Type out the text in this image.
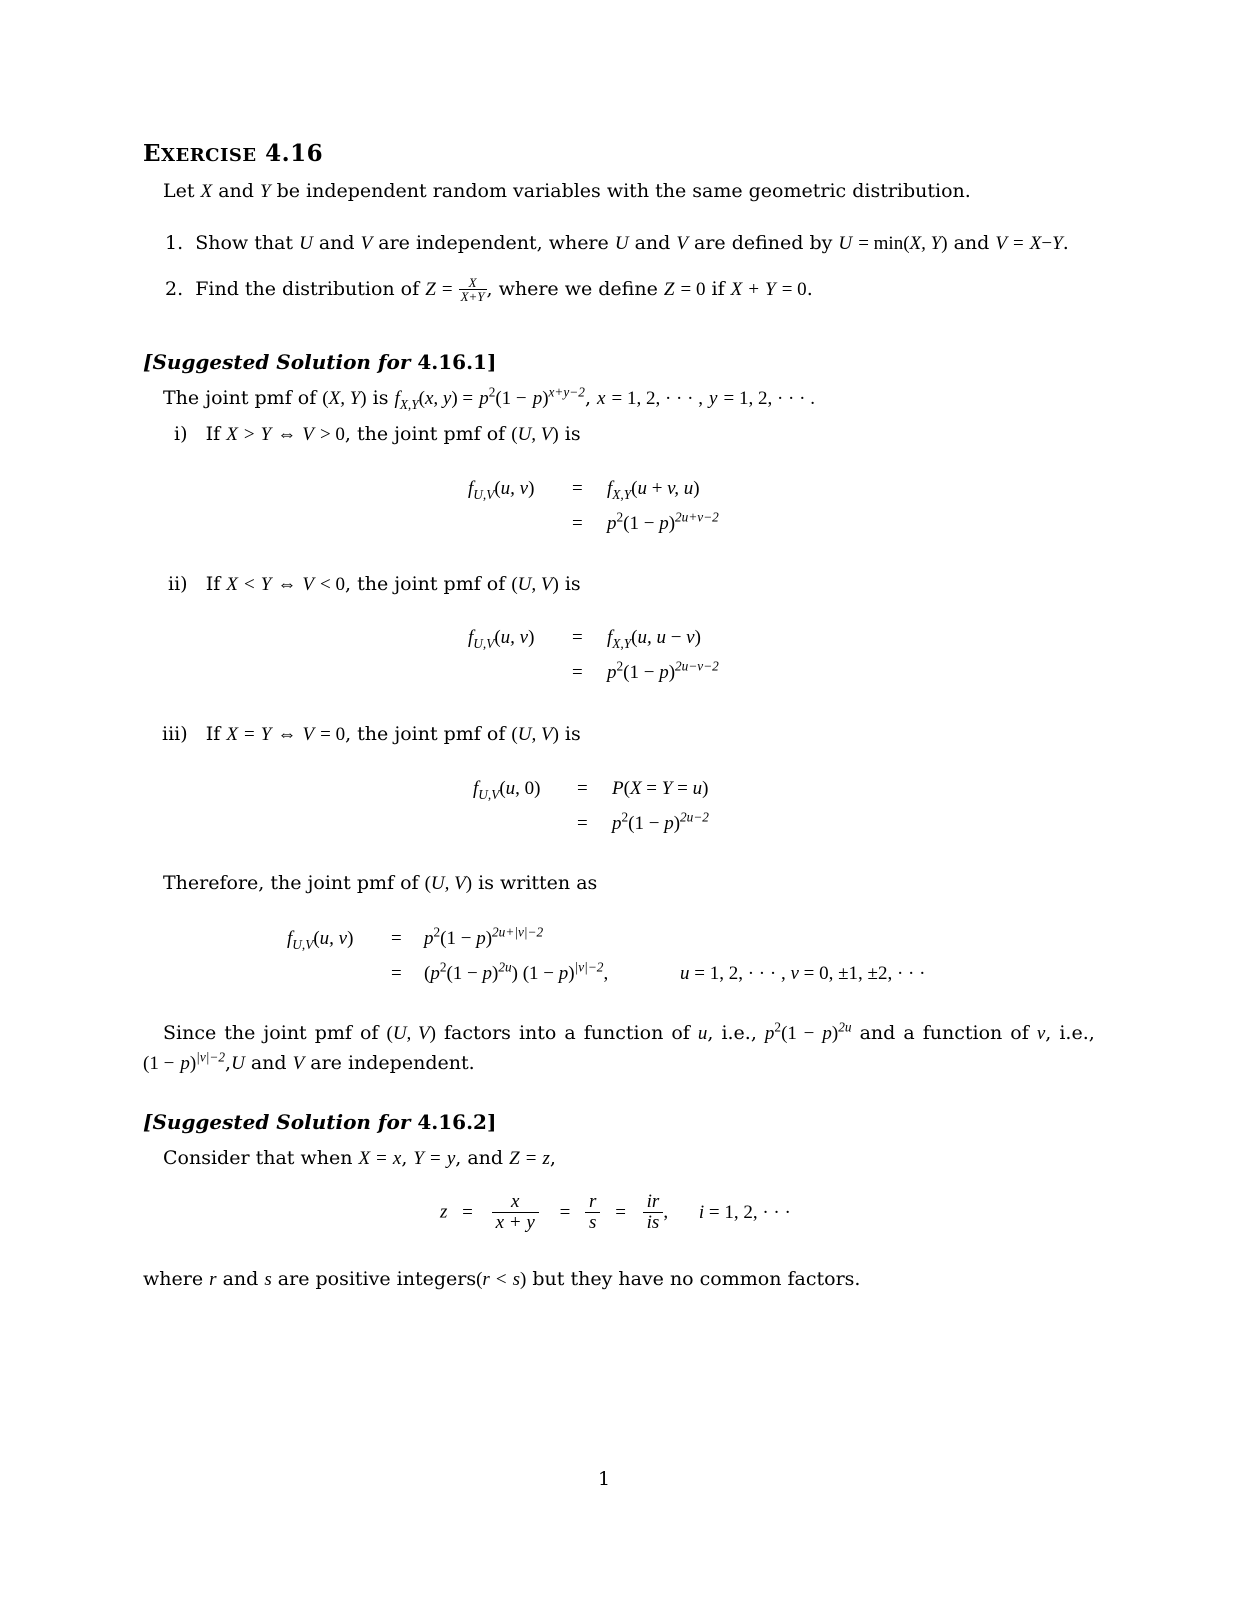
EXERCISE 4.16
Let X and Y be independent random variables with the same geometric distribution.
1.  Show that U and V are independent, where U and V are defined by U = min(X, Y) and V = X−Y.
2.  Find the distribution of $Z = \frac{X}{X+Y}$ , where we define Z = 0 if X + Y = 0.
[Suggested Solution for 4.16.1]
The joint pmf of (X, Y) is $f_{X,Y}(x$, $y) = p^2(1 - p)^{x+y-2}$, x = 1, 2, · · · , y = 1, 2, · · · .
i) If X > Y ⇔ V > 0, the joint pmf of (U, V) is
$f_{U,V}(u$, $v) = f_{X,Y}(u + v$, u)
= $p^2(1 - p)^{2u+v-2}$
ii) If X < Y ⇔ V < 0, the joint pmf of (U, V) is
$f_{U,V}(u$, $v) = f_{X,Y}(u$, u − v)
= $p^2(1 - p)^{2u-v-2}$
iii) If X = Y ⇔ V = 0, the joint pmf of (U, V) is
$f_{U,V}(u$, 0) = P(X = Y = u)
= $p^2(1 - p)^{2u-2}$
Therefore, the joint pmf of (U, V) is written as
$f_{U,V}(u$, $v) = p^2(1 - p)^{2u+|v|-2}$
= $(p^2(1 - p)^{2u}) (1 - p)^{|v|-2}$,	u = 1, 2, · · · , v = 0, ±1, ±2, · · ·
Since the joint pmf of (U, V) factors into a function of u, i.e., $p^2(1 - p)^{2u}$ and a function of v, i.e.,
$(1 - p)^{|v|-2},U$ and V are independent.
[Suggested Solution for 4.16.2]
Consider that when X = x, Y = y, and Z = z,
$z = \frac{x}{x + y} = \frac{r}{s} = \frac{ir}{is}$ , i = 1, 2, · · ·
where r and s are positive integers(r < s) but they have no common factors.
1
